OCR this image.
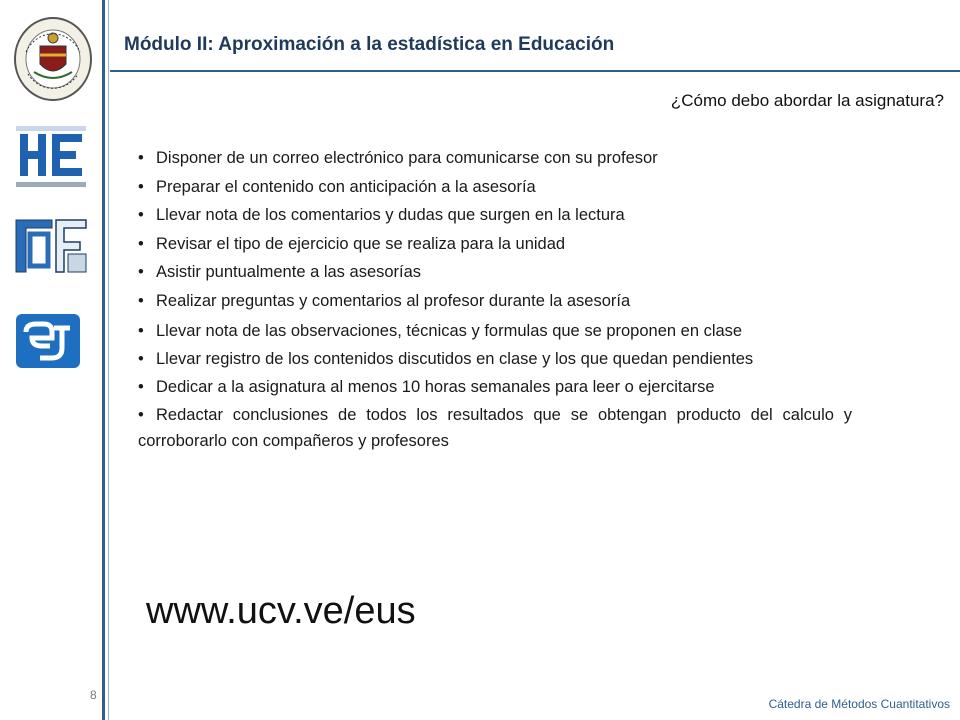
Módulo II: Aproximación a la estadística en Educación
¿Cómo debo abordar la asignatura?
• Disponer de un correo electrónico para comunicarse con su profesor
• Preparar el contenido con anticipación a la asesoría
• Llevar nota de los comentarios y dudas que surgen en la lectura
• Revisar el tipo de ejercicio que se realiza para la unidad
• Asistir puntualmente a las asesorías
• Realizar preguntas y comentarios al profesor durante la asesoría
• Llevar nota de las observaciones, técnicas y formulas que se proponen en clase
• Llevar registro de los contenidos discutidos en clase y los que quedan pendientes
• Dedicar a la asignatura al menos 10 horas semanales para leer o ejercitarse
• Redactar conclusiones de todos los resultados que se obtengan producto del calculo y corroborarlo con compañeros y profesores
www.ucv.ve/eus
8
Cátedra de Métodos Cuantitativos
